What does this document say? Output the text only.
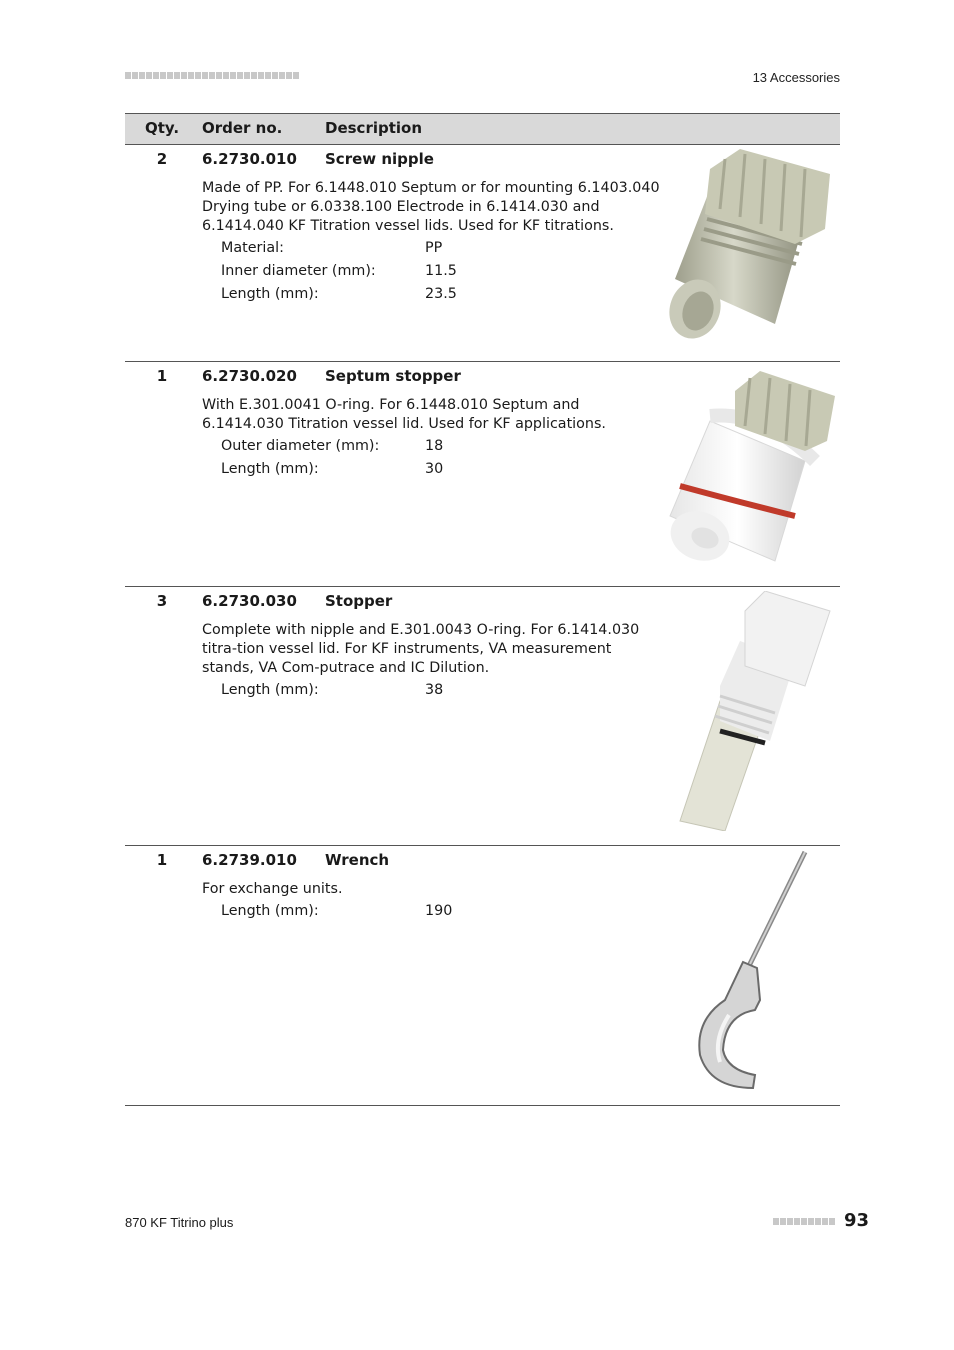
13 Accessories
Qty. Order no.	Description
2 6.2730.010 Screw nipple
Made of PP. For 6.1448.010 Septum or for mounting 6.1403.040 Drying tube or 6.0338.100 Electrode in 6.1414.030 and 6.1414.040 KF Titration vessel lids. Used for KF titrations.
Material:	PP
Inner diameter (mm):	11.5
Length (mm):	23.5
1 6.2730.020 Septum stopper
With E.301.0041 O-ring. For 6.1448.010 Septum and 6.1414.030 Titration vessel lid. Used for KF applications.
Outer diameter (mm):	18
Length (mm):	30
3 6.2730.030 Stopper
Complete with nipple and E.301.0043 O-ring. For 6.1414.030 titra-tion vessel lid. For KF instruments, VA measurement stands, VA Com-putrace and IC Dilution.
Length (mm):	38
1 6.2739.010 Wrench
For exchange units.
Length (mm):	190
870 KF Titrino plus	93
